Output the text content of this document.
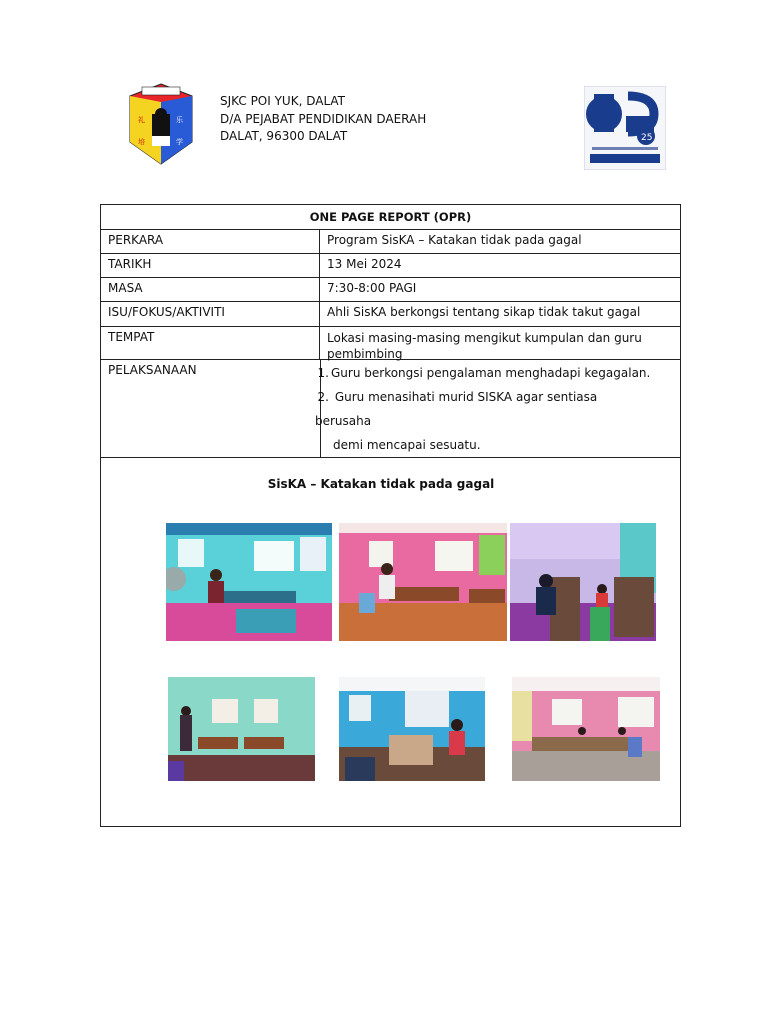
礼	乐
培	学
SJKC POI YUK, DALAT
D/A PEJABAT PENDIDIKAN DAERAH
DALAT, 96300 DALAT	25
ONE PAGE REPORT (OPR)
PERKARA	Program SisKA – Katakan tidak pada gagal
TARIKH	13 Mei 2024
MASA	7:30-8:00 PAGI
ISU/FOKUS/AKTIVITI	Ahli SisKA berkongsi tentang sikap tidak takut gagal
TEMPAT	Lokasi masing-masing mengikut kumpulan dan guru pembimbing
PELAKSANAAN	1. Guru berkongsi pengalaman menghadapi kegagalan.
2. Guru menasihati murid SISKA agar sentiasa berusaha
demi mencapai sesuatu.
SisKA – Katakan tidak pada gagal
